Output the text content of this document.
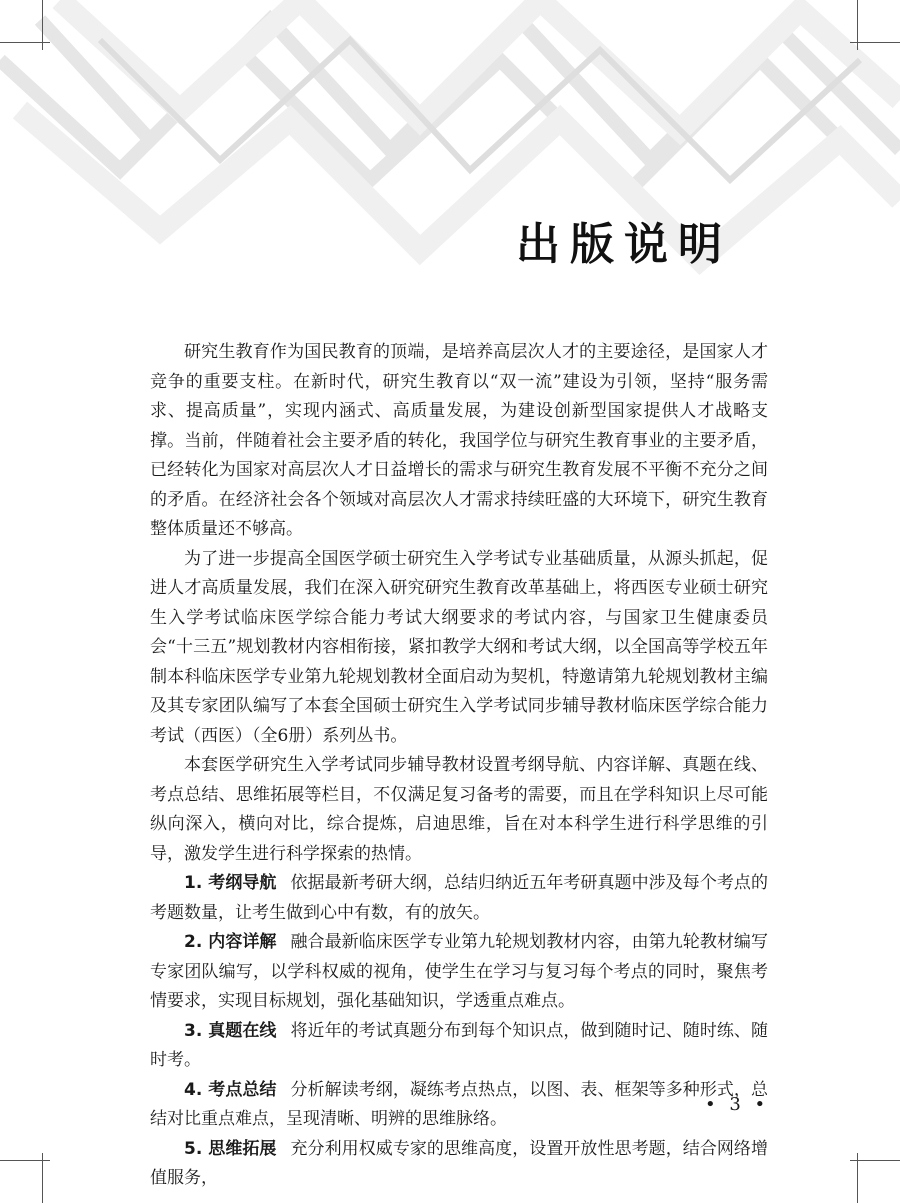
出版说明

研究生教育作为国民教育的顶端，是培养高层次人才的主要途径，是国家人才竞争的重要支柱。在新时代，研究生教育以“双一流”建设为引领，坚持“服务需求、提高质量”，实现内涵式、高质量发展，为建设创新型国家提供人才战略支撑。当前，伴随着社会主要矛盾的转化，我国学位与研究生教育事业的主要矛盾，已经转化为国家对高层次人才日益增长的需求与研究生教育发展不平衡不充分之间的矛盾。在经济社会各个领域对高层次人才需求持续旺盛的大环境下，研究生教育整体质量还不够高。

为了进一步提高全国医学硕士研究生入学考试专业基础质量，从源头抓起，促进人才高质量发展，我们在深入研究研究生教育改革基础上，将西医专业硕士研究生入学考试临床医学综合能力考试大纲要求的考试内容，与国家卫生健康委员会“十三五”规划教材内容相衔接，紧扣教学大纲和考试大纲，以全国高等学校五年制本科临床医学专业第九轮规划教材全面启动为契机，特邀请第九轮规划教材主编及其专家团队编写了本套全国硕士研究生入学考试同步辅导教材临床医学综合能力考试（西医）（全6册）系列丛书。

本套医学研究生入学考试同步辅导教材设置考纲导航、内容详解、真题在线、考点总结、思维拓展等栏目，不仅满足复习备考的需要，而且在学科知识上尽可能纵向深入，横向对比，综合提炼，启迪思维，旨在对本科学生进行科学思维的引导，激发学生进行科学探索的热情。

1. 考纲导航 依据最新考研大纲，总结归纳近五年考研真题中涉及每个考点的考题数量，让考生做到心中有数，有的放矢。

2. 内容详解 融合最新临床医学专业第九轮规划教材内容，由第九轮教材编写专家团队编写，以学科权威的视角，使学生在学习与复习每个考点的同时，聚焦考情要求，实现目标规划，强化基础知识，学透重点难点。

3. 真题在线 将近年的考试真题分布到每个知识点，做到随时记、随时练、随时考。

4. 考点总结 分析解读考纲，凝练考点热点，以图、表、框架等多种形式，总结对比重点难点，呈现清晰、明辨的思维脉络。

5. 思维拓展 充分利用权威专家的思维高度，设置开放性思考题，结合网络增值服务，

• 3 •
